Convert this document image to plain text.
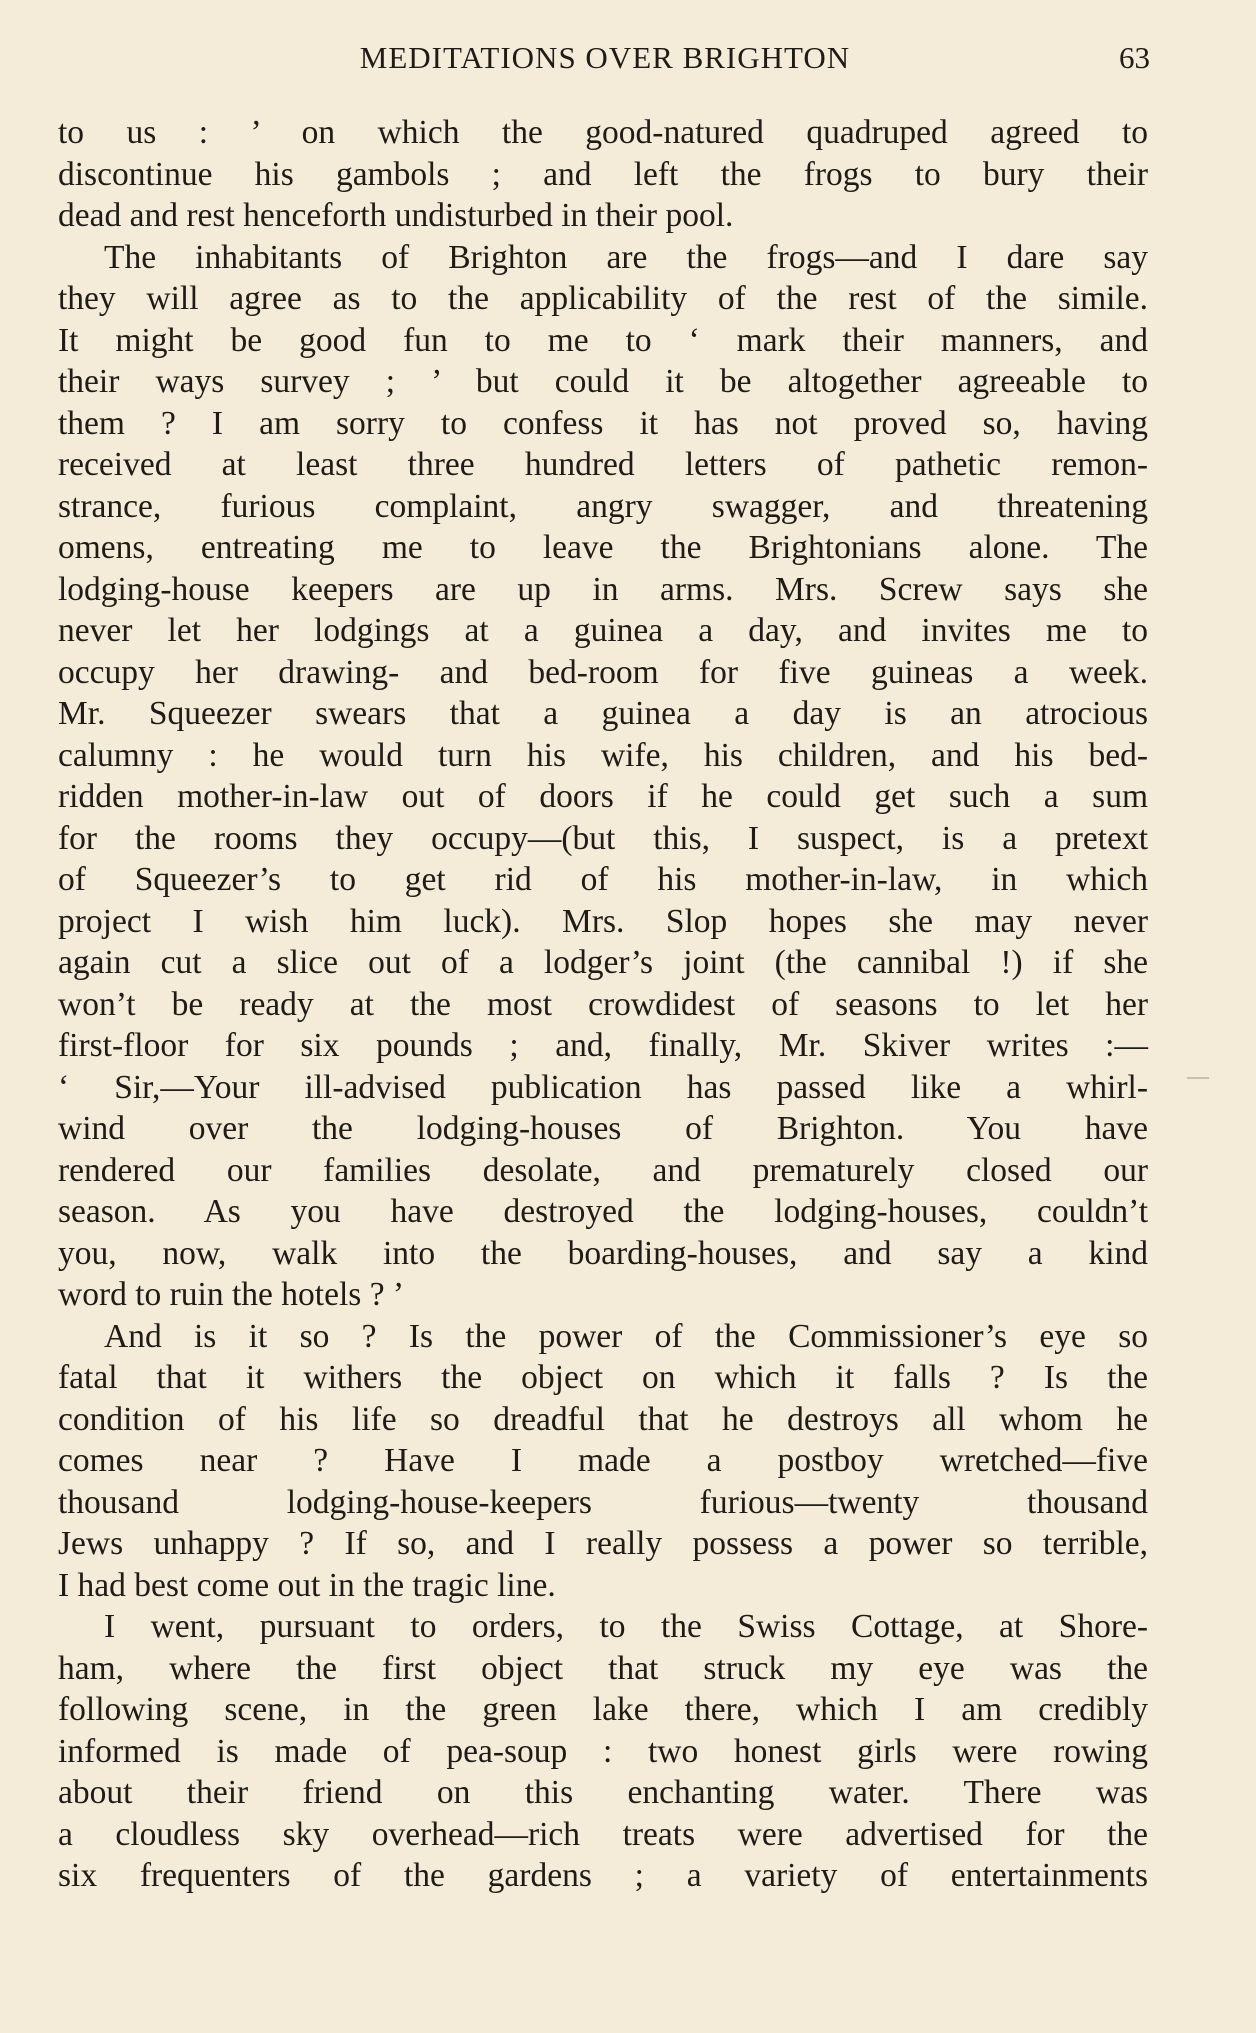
MEDITATIONS OVER BRIGHTON	63
to us : ’ on which the good-natured quadruped agreed to
discontinue his gambols ; and left the frogs to bury their
dead and rest henceforth undisturbed in their pool.
The inhabitants of Brighton are the frogs—and I dare say
they will agree as to the applicability of the rest of the simile.
It might be good fun to me to ‘ mark their manners, and
their ways survey ; ’ but could it be altogether agreeable to
them ? I am sorry to confess it has not proved so, having
received at least three hundred letters of pathetic remon-
strance, furious complaint, angry swagger, and threatening
omens, entreating me to leave the Brightonians alone. The
lodging-house keepers are up in arms. Mrs. Screw says she
never let her lodgings at a guinea a day, and invites me to
occupy her drawing- and bed-room for five guineas a week.
Mr. Squeezer swears that a guinea a day is an atrocious
calumny : he would turn his wife, his children, and his bed-
ridden mother-in-law out of doors if he could get such a sum
for the rooms they occupy—(but this, I suspect, is a pretext
of Squeezer’s to get rid of his mother-in-law, in which
project I wish him luck). Mrs. Slop hopes she may never
again cut a slice out of a lodger’s joint (the cannibal !) if she
won’t be ready at the most crowdidest of seasons to let her
first-floor for six pounds ; and, finally, Mr. Skiver writes :—
‘ Sir,—Your ill-advised publication has passed like a whirl-
wind over the lodging-houses of Brighton. You have
rendered our families desolate, and prematurely closed our
season. As you have destroyed the lodging-houses, couldn’t
you, now, walk into the boarding-houses, and say a kind
word to ruin the hotels ? ’
And is it so ? Is the power of the Commissioner’s eye so
fatal that it withers the object on which it falls ? Is the
condition of his life so dreadful that he destroys all whom he
comes near ? Have I made a postboy wretched—five
thousand lodging-house-keepers furious—twenty thousand
Jews unhappy ? If so, and I really possess a power so terrible,
I had best come out in the tragic line.
I went, pursuant to orders, to the Swiss Cottage, at Shore-
ham, where the first object that struck my eye was the
following scene, in the green lake there, which I am credibly
informed is made of pea-soup : two honest girls were rowing
about their friend on this enchanting water. There was
a cloudless sky overhead—rich treats were advertised for the
six frequenters of the gardens ; a variety of entertainments
